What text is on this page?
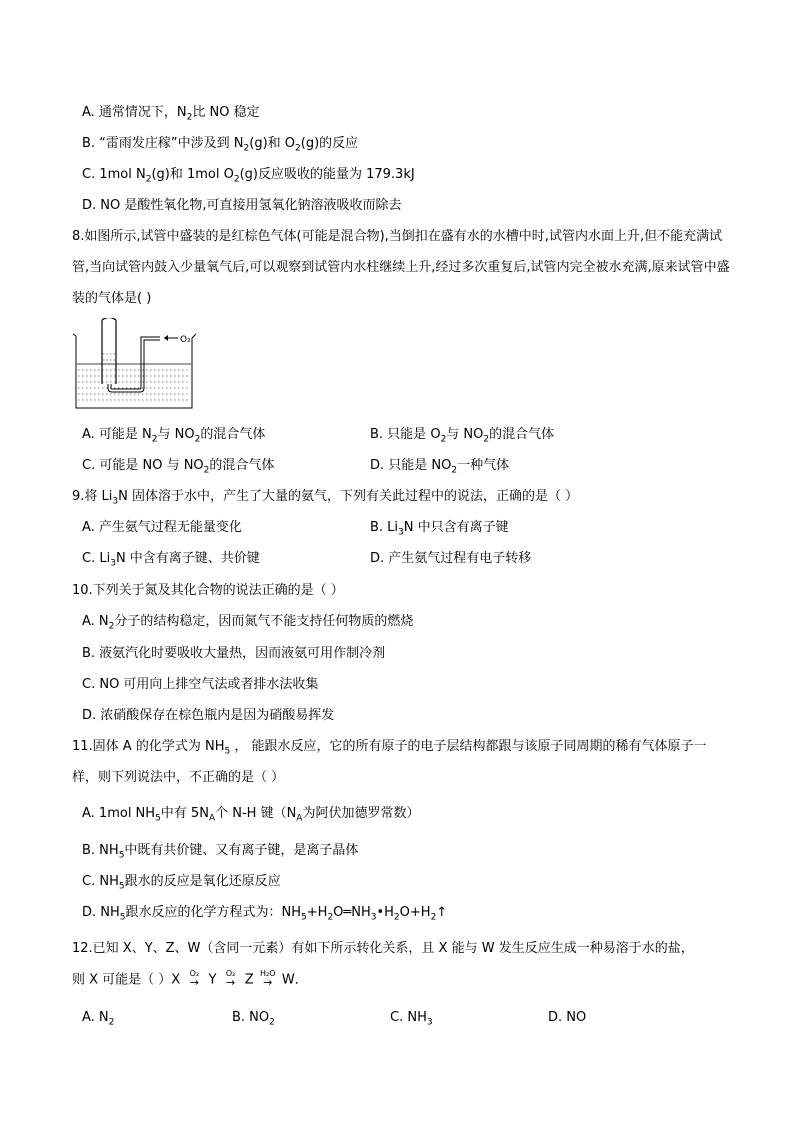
A. 通常情况下，$N_2$比 NO 稳定
B. “雷雨发庄稼”中涉及到 $N_2(g)$和 $O_2(g)$的反应
C. 1mol $N_2(g)$和 1mol $O_2(g)$反应吸收的能量为 179.3kJ
D. NO 是酸性氧化物,可直接用氢氧化钠溶液吸收而除去
8.如图所示,试管中盛装的是红棕色气体(可能是混合物),当倒扣在盛有水的水槽中时,试管内水面上升,但不能充满试管,当向试管内鼓入少量氧气后,可以观察到试管内水柱继续上升,经过多次重复后,试管内完全被水充满,原来试管中盛装的气体是( )
O₂
A. 可能是 $N_2$与 $NO_2$的混合气体	B. 只能是 $O_2$与 $NO_2$的混合气体
C. 可能是 NO 与 $NO_2$的混合气体	D. 只能是 $NO_2$一种气体
9.将 $Li_3N$ 固体溶于水中，产生了大量的氨气，下列有关此过程中的说法，正确的是（ ）
A. 产生氨气过程无能量变化	B. $Li_3N$ 中只含有离子键
C. $Li_3N$ 中含有离子键、共价键	D. 产生氨气过程有电子转移
10.下列关于氮及其化合物的说法正确的是（ ）
A. $N_2$分子的结构稳定，因而氮气不能支持任何物质的燃烧
B. 液氨汽化时要吸收大量热，因而液氨可用作制冷剂
C. NO 可用向上排空气法或者排水法收集
D. 浓硝酸保存在棕色瓶内是因为硝酸易挥发
11.固体 A 的化学式为 $NH_5$ ， 能跟水反应，它的所有原子的电子层结构都跟与该原子同周期的稀有气体原子一样，则下列说法中，不正确的是（ ）
A. 1mol $NH_5$中有 $5N_A$个 N-H 键（$N_A$为阿伏加德罗常数）
B. $NH_5$中既有共价键、又有离子键，是离子晶体
C. $NH_5$跟水的反应是氧化还原反应
D. $NH_5$跟水反应的化学方程式为：$NH_5+H_2O═NH_3•H_2O+H_2↑$
12.已知 X、Y、Z、W（含同一元素）有如下所示转化关系，且 X 能与 W 发生反应生成一种易溶于水的盐，
则 X 可能是（ ）X	O₂
→ Y	O₂
→ Z H₂O
→ W．
A. $N_2$	B. $NO_2$	C. $NH_3$	D. NO
